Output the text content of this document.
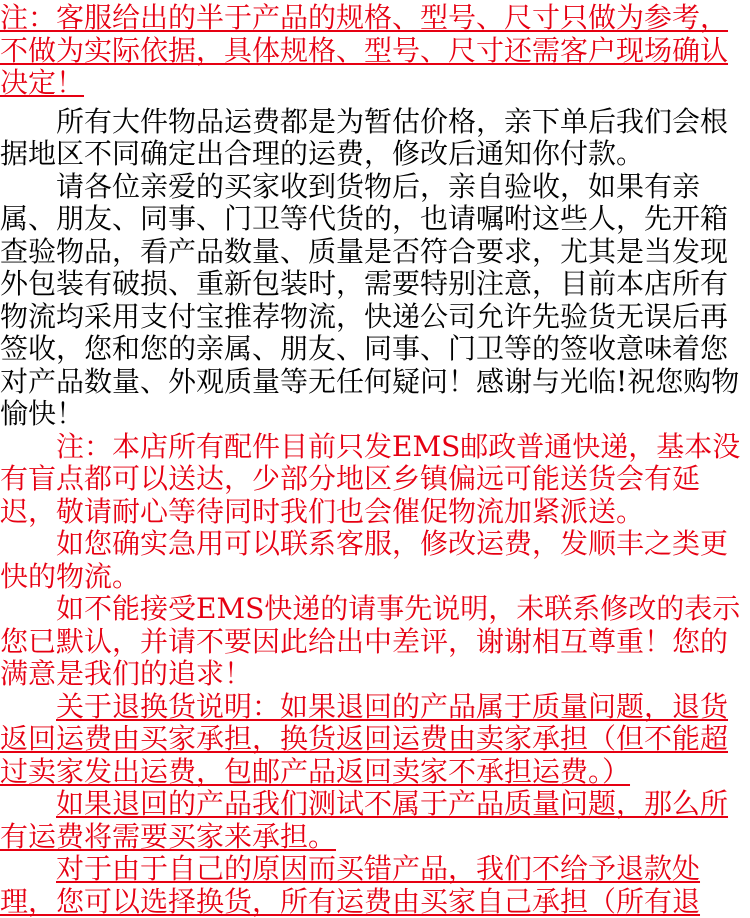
注：客服给出的半于产品的规格、型号、尺寸只做为参考，不做为实际依据，具体规格、型号、尺寸还需客户现场确认决定！

所有大件物品运费都是为暂估价格，亲下单后我们会根据地区不同确定出合理的运费，修改后通知你付款。

请各位亲爱的买家收到货物后，亲自验收，如果有亲属、朋友、同事、门卫等代货的，也请嘱咐这些人，先开箱查验物品，看产品数量、质量是否符合要求，尤其是当发现外包装有破损、重新包装时，需要特别注意，目前本店所有物流均采用支付宝推荐物流，快递公司允许先验货无误后再签收，您和您的亲属、朋友、同事、门卫等的签收意味着您对产品数量、外观质量等无任何疑问！感谢与光临!祝您购物愉快！

注：本店所有配件目前只发EMS邮政普通快递，基本没有盲点都可以送达，少部分地区乡镇偏远可能送货会有延迟，敬请耐心等待同时我们也会催促物流加紧派送。

如您确实急用可以联系客服，修改运费，发顺丰之类更快的物流。

如不能接受EMS快递的请事先说明，未联系修改的表示您已默认，并请不要因此给出中差评，谢谢相互尊重！您的满意是我们的追求！

关于退换货说明：如果退回的产品属于质量问题，退货返回运费由买家承担，换货返回运费由卖家承担（但不能超过卖家发出运费，包邮产品返回卖家不承担运费。）

如果退回的产品我们测试不属于产品质量问题，那么所有运费将需要买家来承担。

对于由于自己的原因而买错产品，我们不给予退款处理，您可以选择换货，所有运费由买家自己承担（所有退
